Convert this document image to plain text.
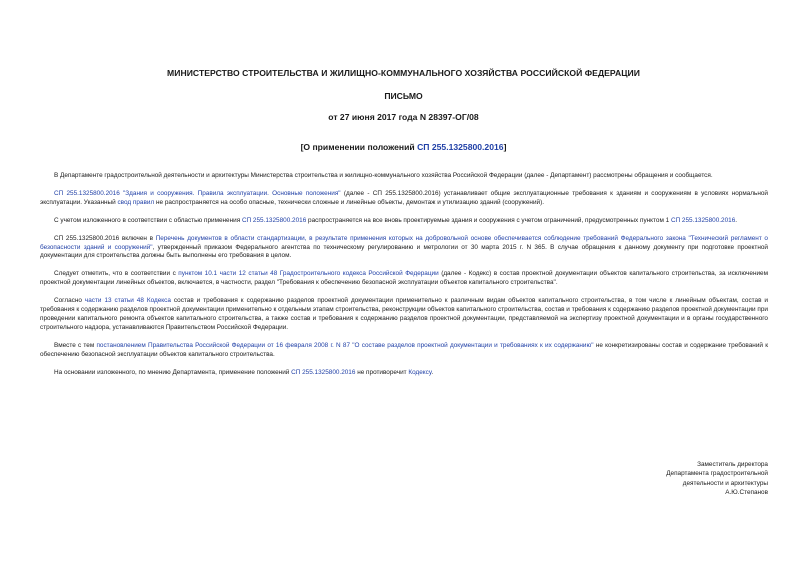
МИНИСТЕРСТВО СТРОИТЕЛЬСТВА И ЖИЛИЩНО-КОММУНАЛЬНОГО ХОЗЯЙСТВА РОССИЙСКОЙ ФЕДЕРАЦИИ
ПИСЬМО
от 27 июня 2017 года N 28397-ОГ/08
[О применении положений СП 255.1325800.2016]

В Департаменте градостроительной деятельности и архитектуры Министерства строительства и жилищно-коммунального хозяйства Российской Федерации (далее - Департамент) рассмотрены обращения и сообщается.

СП 255.1325800.2016 "Здания и сооружения. Правила эксплуатации. Основные положения" (далее - СП 255.1325800.2016) устанавливает общие эксплуатационные требования к зданиям и сооружениям в условиях нормальной эксплуатации. Указанный свод правил не распространяется на особо опасные, технически сложные и линейные объекты, демонтаж и утилизацию зданий (сооружений).

С учетом изложенного в соответствии с областью применения СП 255.1325800.2016 распространяется на все вновь проектируемые здания и сооружения с учетом ограничений, предусмотренных пунктом 1 СП 255.1325800.2016.

СП 255.1325800.2016 включен в Перечень документов в области стандартизации, в результате применения которых на добровольной основе обеспечивается соблюдение требований Федерального закона "Технический регламент о безопасности зданий и сооружений", утвержденный приказом Федерального агентства по техническому регулированию и метрологии от 30 марта 2015 г. N 365. В случае обращения к данному документу при подготовке проектной документации для строительства должны быть выполнены его требования в целом.

Следует отметить, что в соответствии с пунктом 10.1 части 12 статьи 48 Градостроительного кодекса Российской Федерации (далее - Кодекс) в состав проектной документации объектов капитального строительства, за исключением проектной документации линейных объектов, включается, в частности, раздел "Требования к обеспечению безопасной эксплуатации объектов капитального строительства".

Согласно части 13 статьи 48 Кодекса состав и требования к содержанию разделов проектной документации применительно к различным видам объектов капитального строительства, в том числе к линейным объектам, состав и требования к содержанию разделов проектной документации применительно к отдельным этапам строительства, реконструкции объектов капитального строительства, состав и требования к содержанию разделов проектной документации при проведении капитального ремонта объектов капитального строительства, а также состав и требования к содержанию разделов проектной документации, представляемой на экспертизу проектной документации и в органы государственного строительного надзора, устанавливаются Правительством Российской Федерации.

Вместе с тем постановлением Правительства Российской Федерации от 16 февраля 2008 г. N 87 "О составе разделов проектной документации и требованиях к их содержанию" не конкретизированы состав и содержание требований к обеспечению безопасной эксплуатации объектов капитального строительства.

На основании изложенного, по мнению Департамента, применение положений СП 255.1325800.2016 не противоречит Кодексу.

Заместитель директора
Департамента градостроительной
деятельности и архитектуры
А.Ю.Степанов
